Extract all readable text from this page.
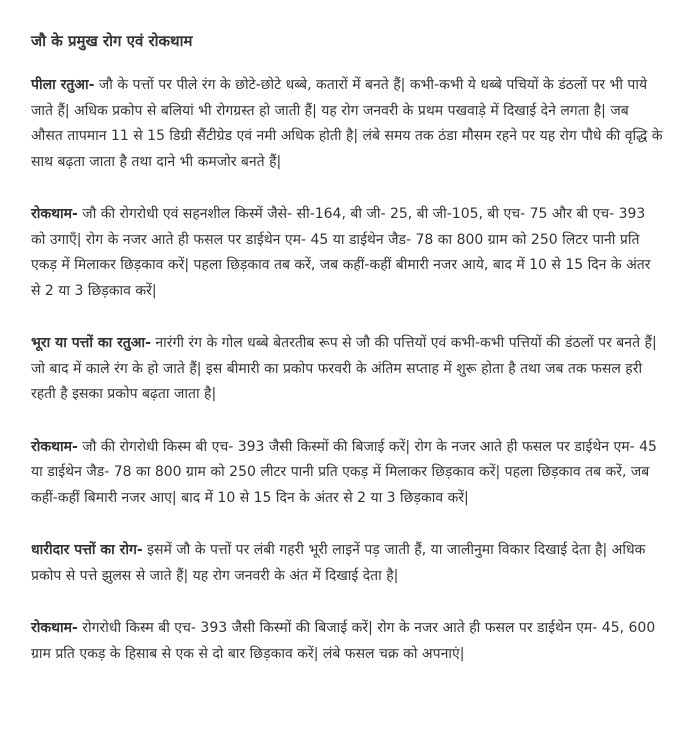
जौ के प्रमुख रोग एवं रोकथाम

पीला रतुआ- जौ के पत्तों पर पीले रंग के छोटे-छोटे धब्बे, कतारों में बनते हैं| कभी-कभी ये धब्बे पचियों के डंठलों पर भी पाये जाते हैं| अधिक प्रकोप से बलियां भी रोगग्रस्त हो जाती हैं| यह रोग जनवरी के प्रथम पखवाड़े में दिखाई देने लगता है| जब औसत तापमान 11 से 15 डिग्री सैंटीग्रेड एवं नमी अधिक होती है| लंबे समय तक ठंडा मौसम रहने पर यह रोग पौधे की वृद्धि के साथ बढ़ता जाता है तथा दाने भी कमजोर बनते हैं|

रोकथाम- जौ की रोगरोधी एवं सहनशील किस्में जैसे- सी-164, बी जी- 25, बी जी-105, बी एच- 75 और बी एच- 393 को उगाएँ| रोग के नजर आते ही फसल पर डाईथेन एम- 45 या डाईथेन जैड- 78 का 800 ग्राम को 250 लिटर पानी प्रति एकड़ में मिलाकर छिड़काव करें| पहला छिड़काव तब करें, जब कहीं-कहीं बीमारी नजर आये, बाद में 10 से 15 दिन के अंतर से 2 या 3 छिड़काव करें|

भूरा या पत्तों का रतुआ- नारंगी रंग के गोल धब्बे बेतरतीब रूप से जौ की पत्तियों एवं कभी-कभी पत्तियों की डंठलों पर बनते हैं| जो बाद में काले रंग के हो जाते हैं| इस बीमारी का प्रकोप फरवरी के अंतिम सप्ताह में शुरू होता है तथा जब तक फसल हरी रहती है इसका प्रकोप बढ़ता जाता है|

रोकथाम- जौ की रोगरोधी किस्म बी एच- 393 जैसी किस्मों की बिजाई करें| रोग के नजर आते ही फसल पर डाईथेन एम- 45 या डाईथेन जैड- 78 का 800 ग्राम को 250 लीटर पानी प्रति एकड़ में मिलाकर छिड़काव करें| पहला छिड़काव तब करें, जब कहीं-कहीं बिमारी नजर आए| बाद में 10 से 15 दिन के अंतर से 2 या 3 छिड़काव करें|

धारीदार पत्तों का रोग- इसमें जौ के पत्तों पर लंबी गहरी भूरी लाइनें पड़ जाती हैं, या जालीनुमा विकार दिखाई देता है| अधिक प्रकोप से पत्ते झुलस से जाते हैं| यह रोग जनवरी के अंत में दिखाई देता है|

रोकथाम- रोगरोधी किस्म बी एच- 393 जैसी किस्मों की बिजाई करें| रोग के नजर आते ही फसल पर डाईथेन एम- 45, 600 ग्राम प्रति एकड़ के हिसाब से एक से दो बार छिड़काव करें| लंबे फसल चक्र को अपनाएं|
